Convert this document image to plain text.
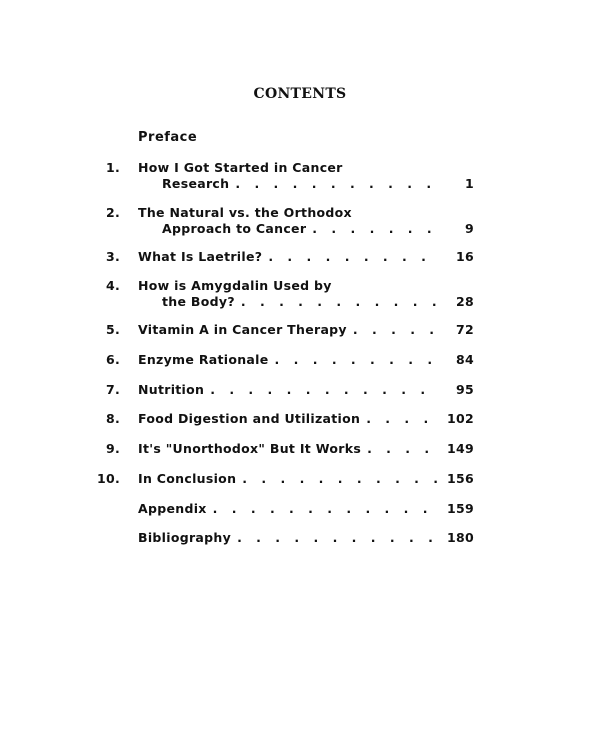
CONTENTS
Preface
1. How I Got Started in Cancer
Research . . .	1
2. The Natural vs. the Orthodox
Approach to Cancer . . .	9
3. What Is Laetrile? . . .	16
4. How is Amygdalin Used by
the Body? . . .	28
5. Vitamin A in Cancer Therapy . . .	72
6. Enzyme Rationale . . .	84
7. Nutrition . . .	95
8. Food Digestion and Utilization . . .	102
9. It's "Unorthodox" But It Works . . .	149
10. In Conclusion . . .	156
Appendix . . .	159
Bibliography . . .	180
